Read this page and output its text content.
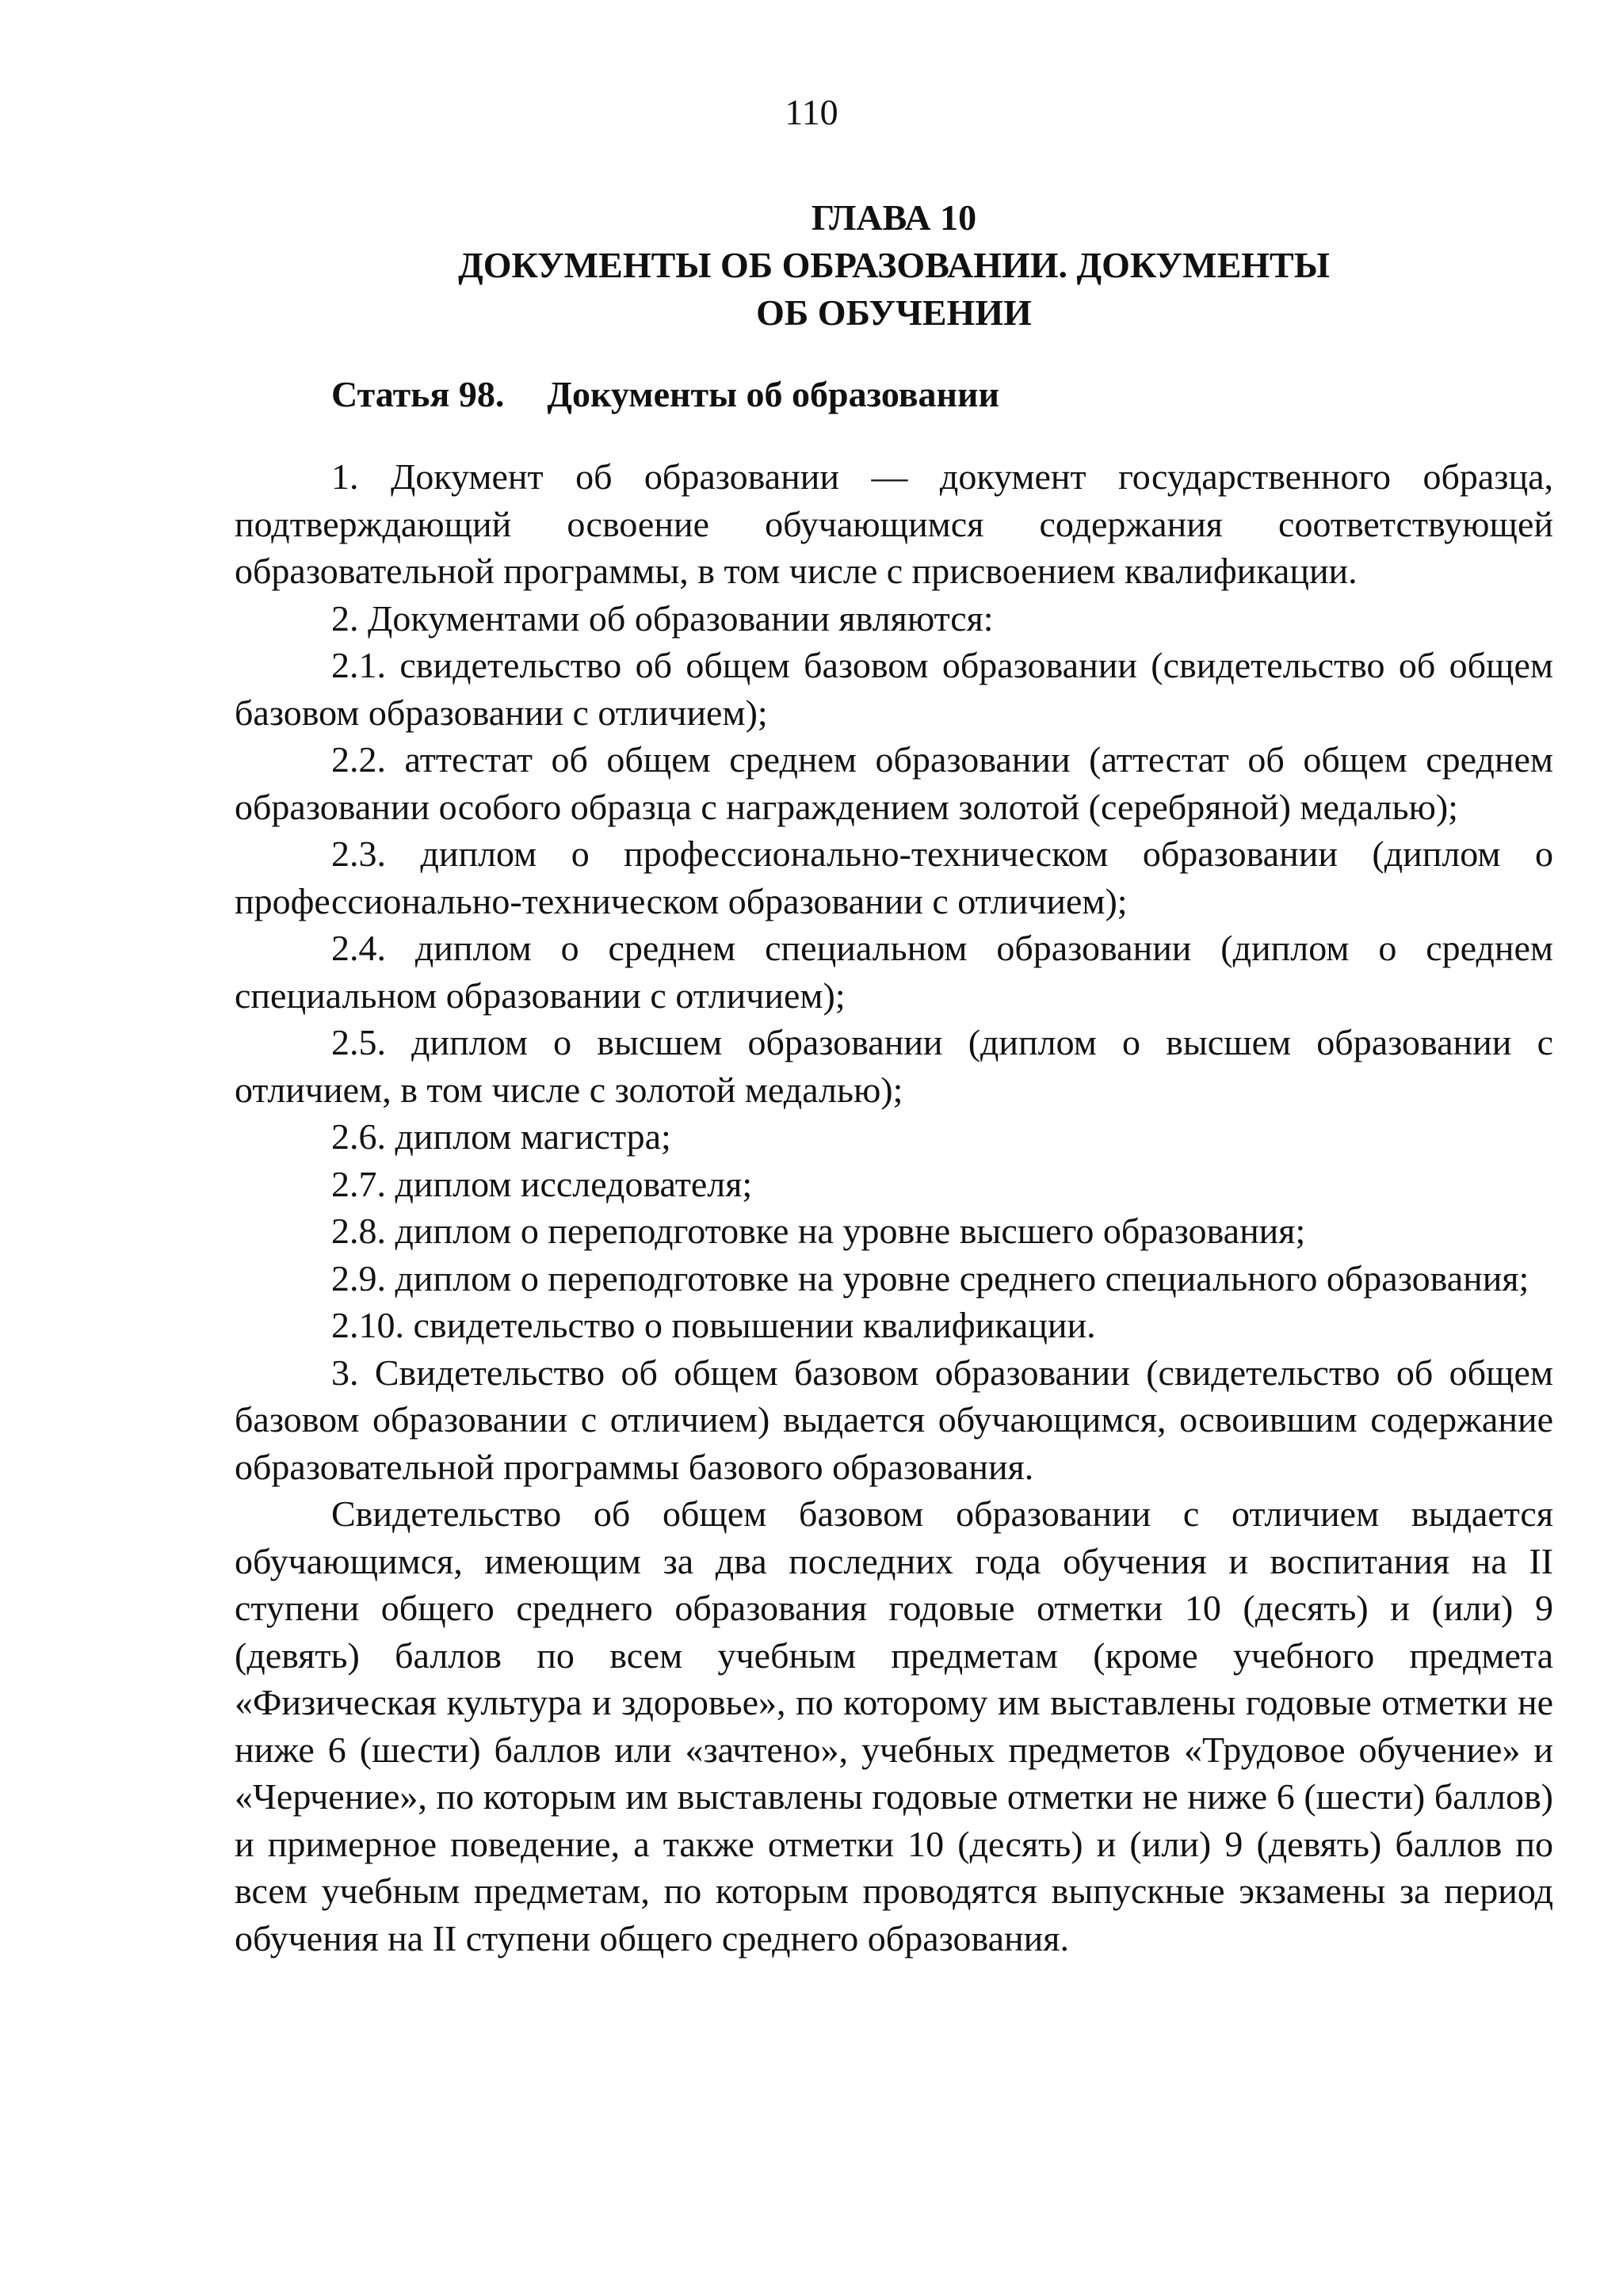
110
ГЛАВА 10
ДОКУМЕНТЫ ОБ ОБРАЗОВАНИИ. ДОКУМЕНТЫ
ОБ ОБУЧЕНИИ
Статья 98. Документы об образовании

1. Документ об образовании — документ государственного образца, подтверждающий освоение обучающимся содержания соответствующей образовательной программы, в том числе с присвоением квалификации.

2. Документами об образовании являются:

2.1. свидетельство об общем базовом образовании (свидетельство об общем базовом образовании с отличием);

2.2. аттестат об общем среднем образовании (аттестат об общем среднем образовании особого образца с награждением золотой (серебряной) медалью);

2.3. диплом о профессионально-техническом образовании (диплом о профессионально-техническом образовании с отличием);

2.4. диплом о среднем специальном образовании (диплом о среднем специальном образовании с отличием);

2.5. диплом о высшем образовании (диплом о высшем образовании с отличием, в том числе с золотой медалью);

2.6. диплом магистра;

2.7. диплом исследователя;

2.8. диплом о переподготовке на уровне высшего образования;

2.9. диплом о переподготовке на уровне среднего специального образования;

2.10. свидетельство о повышении квалификации.

3. Свидетельство об общем базовом образовании (свидетельство об общем базовом образовании с отличием) выдается обучающимся, освоившим содержание образовательной программы базового образования.

Свидетельство об общем базовом образовании с отличием выдается обучающимся, имеющим за два последних года обучения и воспитания на II ступени общего среднего образования годовые отметки 10 (десять) и (или) 9 (девять) баллов по всем учебным предметам (кроме учебного предмета «Физическая культура и здоровье», по которому им выставлены годовые отметки не ниже 6 (шести) баллов или «зачтено», учебных предметов «Трудовое обучение» и «Черчение», по которым им выставлены годовые отметки не ниже 6 (шести) баллов) и примерное поведение, а также отметки 10 (десять) и (или) 9 (девять) баллов по всем учебным предметам, по которым проводятся выпускные экзамены за период обучения на II ступени общего среднего образования.
